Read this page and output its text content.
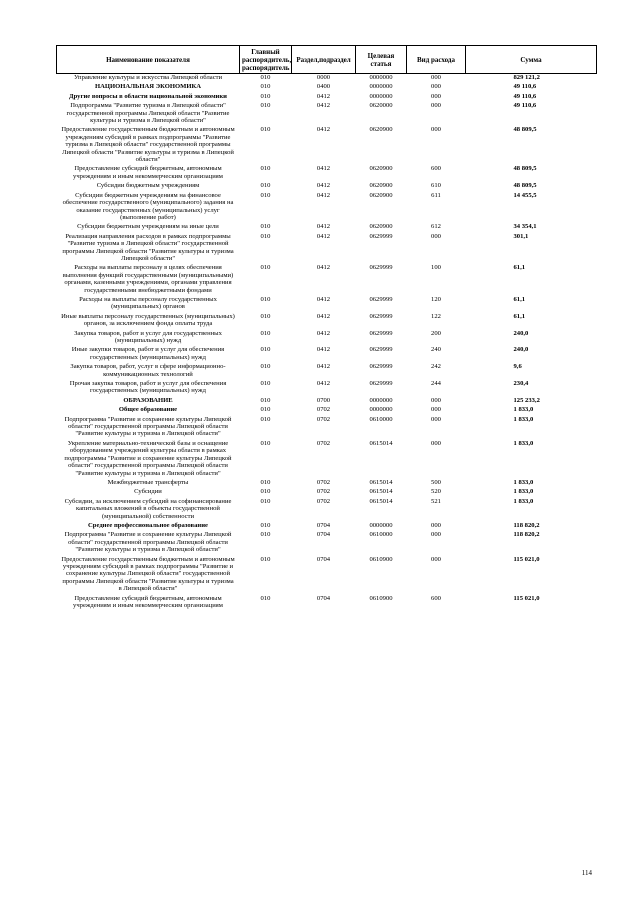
Наименование показателя	Главный распорядитель, распорядитель	Раздел,подраздел	Целевая статья	Вид расхода	Сумма
Управление культуры и искусства Липецкой области	010	0000	0000000	000	829 121,2
НАЦИОНАЛЬНАЯ ЭКОНОМИКА	010	0400	0000000	000	49 110,6
Другие вопросы в области национальной экономики	010	0412	0000000	000	49 110,6
Подпрограмма "Развитие туризма в Липецкой области" государственной программы Липецкой области "Развитие культуры и туризма в Липецкой области"	010	0412	0620000	000	49 110,6
Предоставление государственным бюджетным и автономным учреждениям субсидий в рамках подпрограммы "Развитие туризма в Липецкой области" государственной программы Липецкой области "Развитие культуры и туризма в Липецкой области"	010	0412	0620900	000	48 809,5
Предоставление субсидий бюджетным, автономным учреждениям и иным некоммерческим организациям	010	0412	0620900	600	48 809,5
Субсидии бюджетным учреждениям	010	0412	0620900	610	48 809,5
Субсидии бюджетным учреждениям на финансовое обеспечение государственного (муниципального) задания на оказание государственных (муниципальных) услуг (выполнение работ)	010	0412	0620900	611	14 455,5
Субсидии бюджетным учреждениям на иные цели	010	0412	0620900	612	34 354,1
Реализация направления расходов в рамках подпрограммы "Развитие туризма в Липецкой области" государственной программы Липецкой области "Развитие культуры и туризма Липецкой области"	010	0412	0629999	000	301,1
Расходы на выплаты персоналу в целях обеспечения выполнения функций государственными (муниципальными) органами, казенными учреждениями, органами управления государственными внебюджетными фондами	010	0412	0629999	100	61,1
Расходы на выплаты персоналу государственных (муниципальных) органов	010	0412	0629999	120	61,1
Иные выплаты персоналу государственных (муниципальных) органов, за исключением фонда оплаты труда	010	0412	0629999	122	61,1
Закупка товаров, работ и услуг для государственных (муниципальных) нужд	010	0412	0629999	200	240,0
Иные закупки товаров, работ и услуг для обеспечения государственных (муниципальных) нужд	010	0412	0629999	240	240,0
Закупка товаров, работ, услуг в сфере информационно-коммуникационных технологий	010	0412	0629999	242	9,6
Прочая закупка товаров, работ и услуг для обеспечения государственных (муниципальных) нужд	010	0412	0629999	244	230,4
ОБРАЗОВАНИЕ	010	0700	0000000	000	125 233,2
Общее образование	010	0702	0000000	000	1 833,0
Подпрограмма "Развитие и сохранение культуры Липецкой области" государственной программы Липецкой области "Развитие культуры и туризма в Липецкой области"	010	0702	0610000	000	1 833,0
Укрепление материально-технической базы и оснащение оборудованием учреждений культуры области в рамках подпрограммы "Развитие и сохранение культуры Липецкой области" государственной программы Липецкой области "Развитие культуры и туризма в Липецкой области"	010	0702	0615014	000	1 833,0
Межбюджетные трансферты	010	0702	0615014	500	1 833,0
Субсидии	010	0702	0615014	520	1 833,0
Субсидии, за исключением субсидий на софинансирование капитальных вложений в объекты государственной (муниципальной) собственности	010	0702	0615014	521	1 833,0
Среднее профессиональное образование	010	0704	0000000	000	118 820,2
Подпрограмма "Развитие и сохранение культуры Липецкой области" государственной программы Липецкой области "Развитие культуры и туризма в Липецкой области"	010	0704	0610000	000	118 820,2
Предоставление государственным бюджетным и автономным учреждениям субсидий в рамках подпрограммы "Развитие и сохранение культуры Липецкой области" государственной программы Липецкой области "Развитие культуры и туризма в Липецкой области"	010	0704	0610900	000	115 021,0
Предоставление субсидий бюджетным, автономным учреждениям и иным некоммерческим организациям	010	0704	0610900	600	115 021,0
114
